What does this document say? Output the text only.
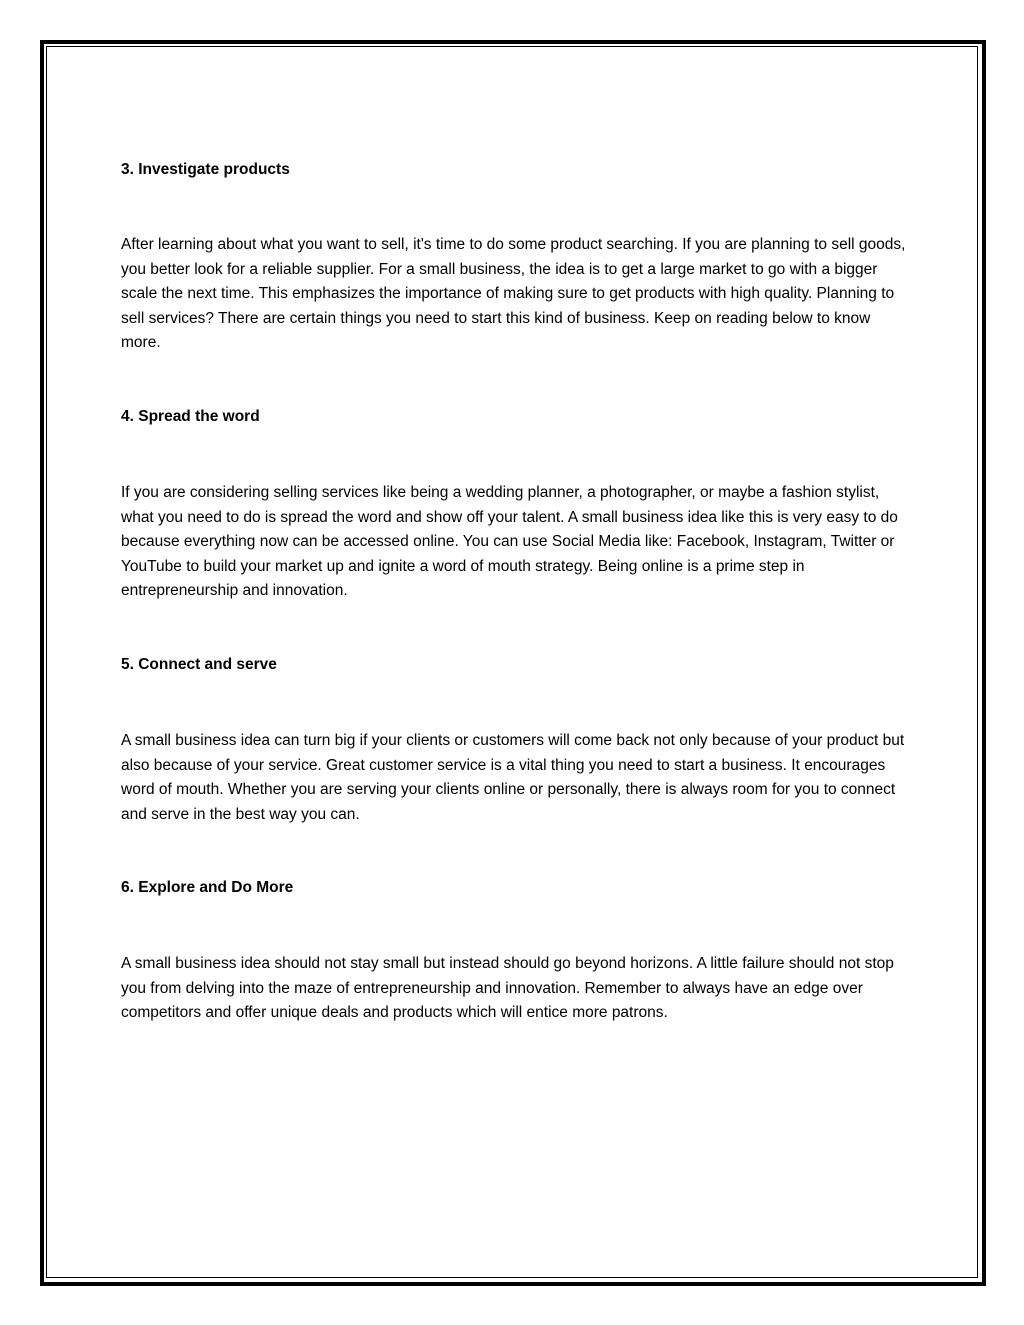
3. Investigate products

After learning about what you want to sell, it's time to do some product searching. If you are planning to sell goods, you better look for a reliable supplier. For a small business, the idea is to get a large market to go with a bigger scale the next time. This emphasizes the importance of making sure to get products with high quality. Planning to sell services? There are certain things you need to start this kind of business. Keep on reading below to know more.

4. Spread the word

If you are considering selling services like being a wedding planner, a photographer, or maybe a fashion stylist, what you need to do is spread the word and show off your talent. A small business idea like this is very easy to do because everything now can be accessed online. You can use Social Media like: Facebook, Instagram, Twitter or YouTube to build your market up and ignite a word of mouth strategy. Being online is a prime step in entrepreneurship and innovation.

5. Connect and serve

A small business idea can turn big if your clients or customers will come back not only because of your product but also because of your service. Great customer service is a vital thing you need to start a business. It encourages word of mouth. Whether you are serving your clients online or personally, there is always room for you to connect and serve in the best way you can.

6. Explore and Do More

A small business idea should not stay small but instead should go beyond horizons. A little failure should not stop you from delving into the maze of entrepreneurship and innovation. Remember to always have an edge over competitors and offer unique deals and products which will entice more patrons.
